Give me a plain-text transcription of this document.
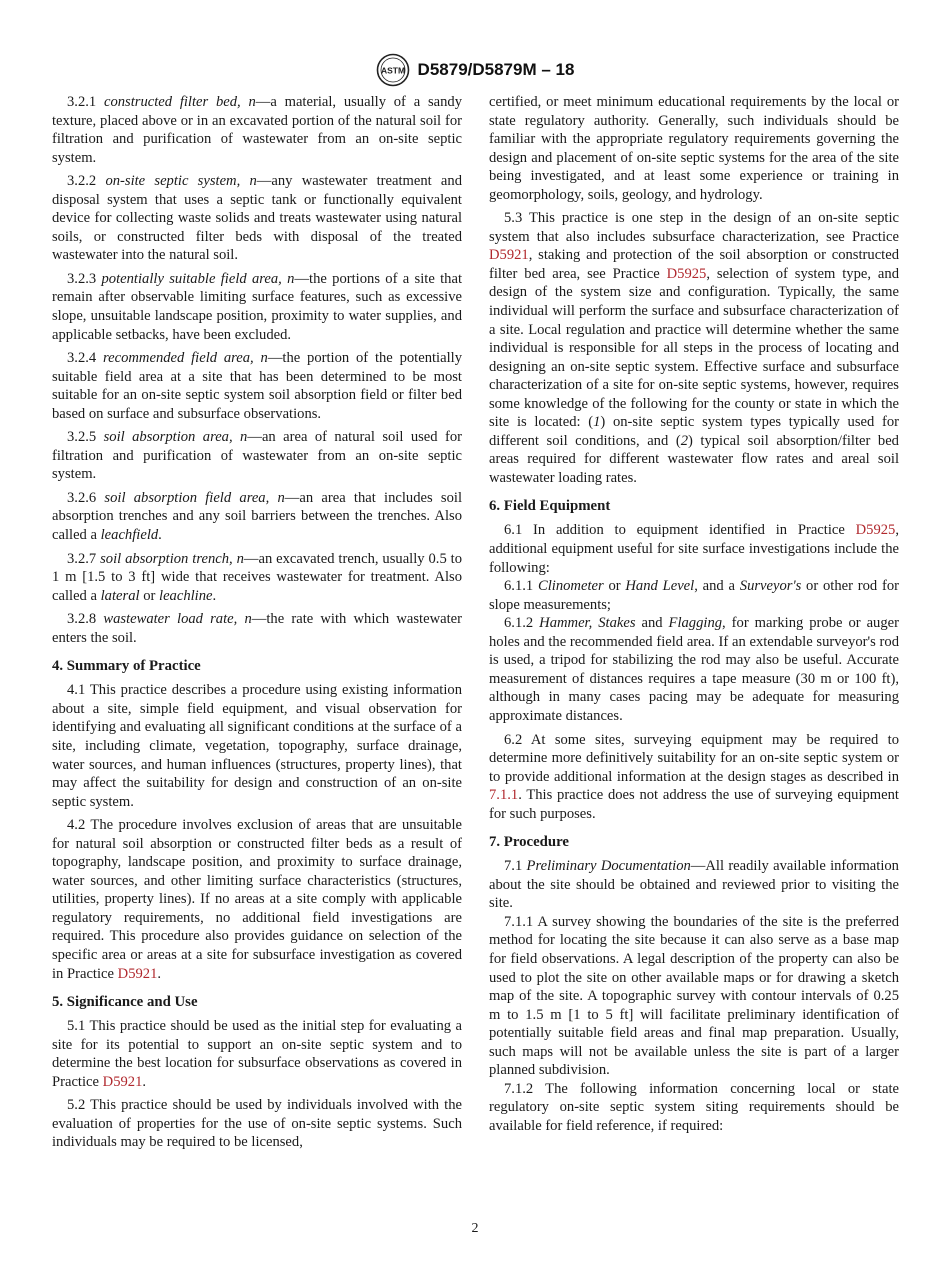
ASTM D5879/D5879M – 18

3.2.1 constructed filter bed, n—a material, usually of a sandy texture, placed above or in an excavated portion of the natural soil for filtration and purification of wastewater from an on-site septic system.

3.2.2 on-site septic system, n—any wastewater treatment and disposal system that uses a septic tank or functionally equivalent device for collecting waste solids and treats wastewater using natural soils, or constructed filter beds with disposal of the treated wastewater into the natural soil.

3.2.3 potentially suitable field area, n—the portions of a site that remain after observable limiting surface features, such as excessive slope, unsuitable landscape position, proximity to water supplies, and applicable setbacks, have been excluded.

3.2.4 recommended field area, n—the portion of the potentially suitable field area at a site that has been determined to be most suitable for an on-site septic system soil absorption field or filter bed based on surface and subsurface observations.

3.2.5 soil absorption area, n—an area of natural soil used for filtration and purification of wastewater from an on-site septic system.

3.2.6 soil absorption field area, n—an area that includes soil absorption trenches and any soil barriers between the trenches. Also called a leachfield.

3.2.7 soil absorption trench, n—an excavated trench, usually 0.5 to 1 m [1.5 to 3 ft] wide that receives wastewater for treatment. Also called a lateral or leachline.

3.2.8 wastewater load rate, n—the rate with which wastewater enters the soil.

4. Summary of Practice

4.1 This practice describes a procedure using existing information about a site, simple field equipment, and visual observation for identifying and evaluating all significant conditions at the surface of a site, including climate, vegetation, topography, surface drainage, water sources, and human influences (structures, property lines), that may affect the suitability for design and construction of an on-site septic system.

4.2 The procedure involves exclusion of areas that are unsuitable for natural soil absorption or constructed filter beds as a result of topography, landscape position, and proximity to surface drainage, water sources, and other limiting surface characteristics (structures, utilities, property lines). If no areas at a site comply with applicable regulatory requirements, no additional field investigations are required. This procedure also provides guidance on selection of the specific area or areas at a site for subsurface investigation as covered in Practice D5921.

5. Significance and Use

5.1 This practice should be used as the initial step for evaluating a site for its potential to support an on-site septic system and to determine the best location for subsurface observations as covered in Practice D5921.

5.2 This practice should be used by individuals involved with the evaluation of properties for the use of on-site septic systems. Such individuals may be required to be licensed,

certified, or meet minimum educational requirements by the local or state regulatory authority. Generally, such individuals should be familiar with the appropriate regulatory requirements governing the design and placement of on-site septic systems for the area of the site being investigated, and at least some experience or training in geomorphology, soils, geology, and hydrology.

5.3 This practice is one step in the design of an on-site septic system that also includes subsurface characterization, see Practice D5921, staking and protection of the soil absorption or constructed filter bed area, see Practice D5925, selection of system type, and design of the system size and configuration. Typically, the same individual will perform the surface and subsurface characterization of a site. Local regulation and practice will determine whether the same individual is responsible for all steps in the process of locating and designing an on-site septic system. Effective surface and subsurface characterization of a site for on-site septic systems, however, requires some knowledge of the following for the county or state in which the site is located: (1) on-site septic system types typically used for different soil conditions, and (2) typical soil absorption/filter bed areas required for different wastewater flow rates and areal soil wastewater loading rates.

6. Field Equipment

6.1 In addition to equipment identified in Practice D5925, additional equipment useful for site surface investigations include the following:

6.1.1 Clinometer or Hand Level, and a Surveyor's or other rod for slope measurements;

6.1.2 Hammer, Stakes and Flagging, for marking probe or auger holes and the recommended field area. If an extendable surveyor's rod is used, a tripod for stabilizing the rod may also be useful. Accurate measurement of distances requires a tape measure (30 m or 100 ft), although in many cases pacing may be adequate for measuring approximate distances.

6.2 At some sites, surveying equipment may be required to determine more definitively suitability for an on-site septic system or to provide additional information at the design stages as described in 7.1.1. This practice does not address the use of surveying equipment for such purposes.

7. Procedure

7.1 Preliminary Documentation—All readily available information about the site should be obtained and reviewed prior to visiting the site.

7.1.1 A survey showing the boundaries of the site is the preferred method for locating the site because it can also serve as a base map for field observations. A legal description of the property can also be used to plot the site on other available maps or for drawing a sketch map of the site. A topographic survey with contour intervals of 0.25 m to 1.5 m [1 to 5 ft] will facilitate preliminary identification of potentially suitable field areas and final map preparation. Usually, such maps will not be available unless the site is part of a larger planned subdivision.

7.1.2 The following information concerning local or state regulatory on-site septic system siting requirements should be available for field reference, if required:

2
